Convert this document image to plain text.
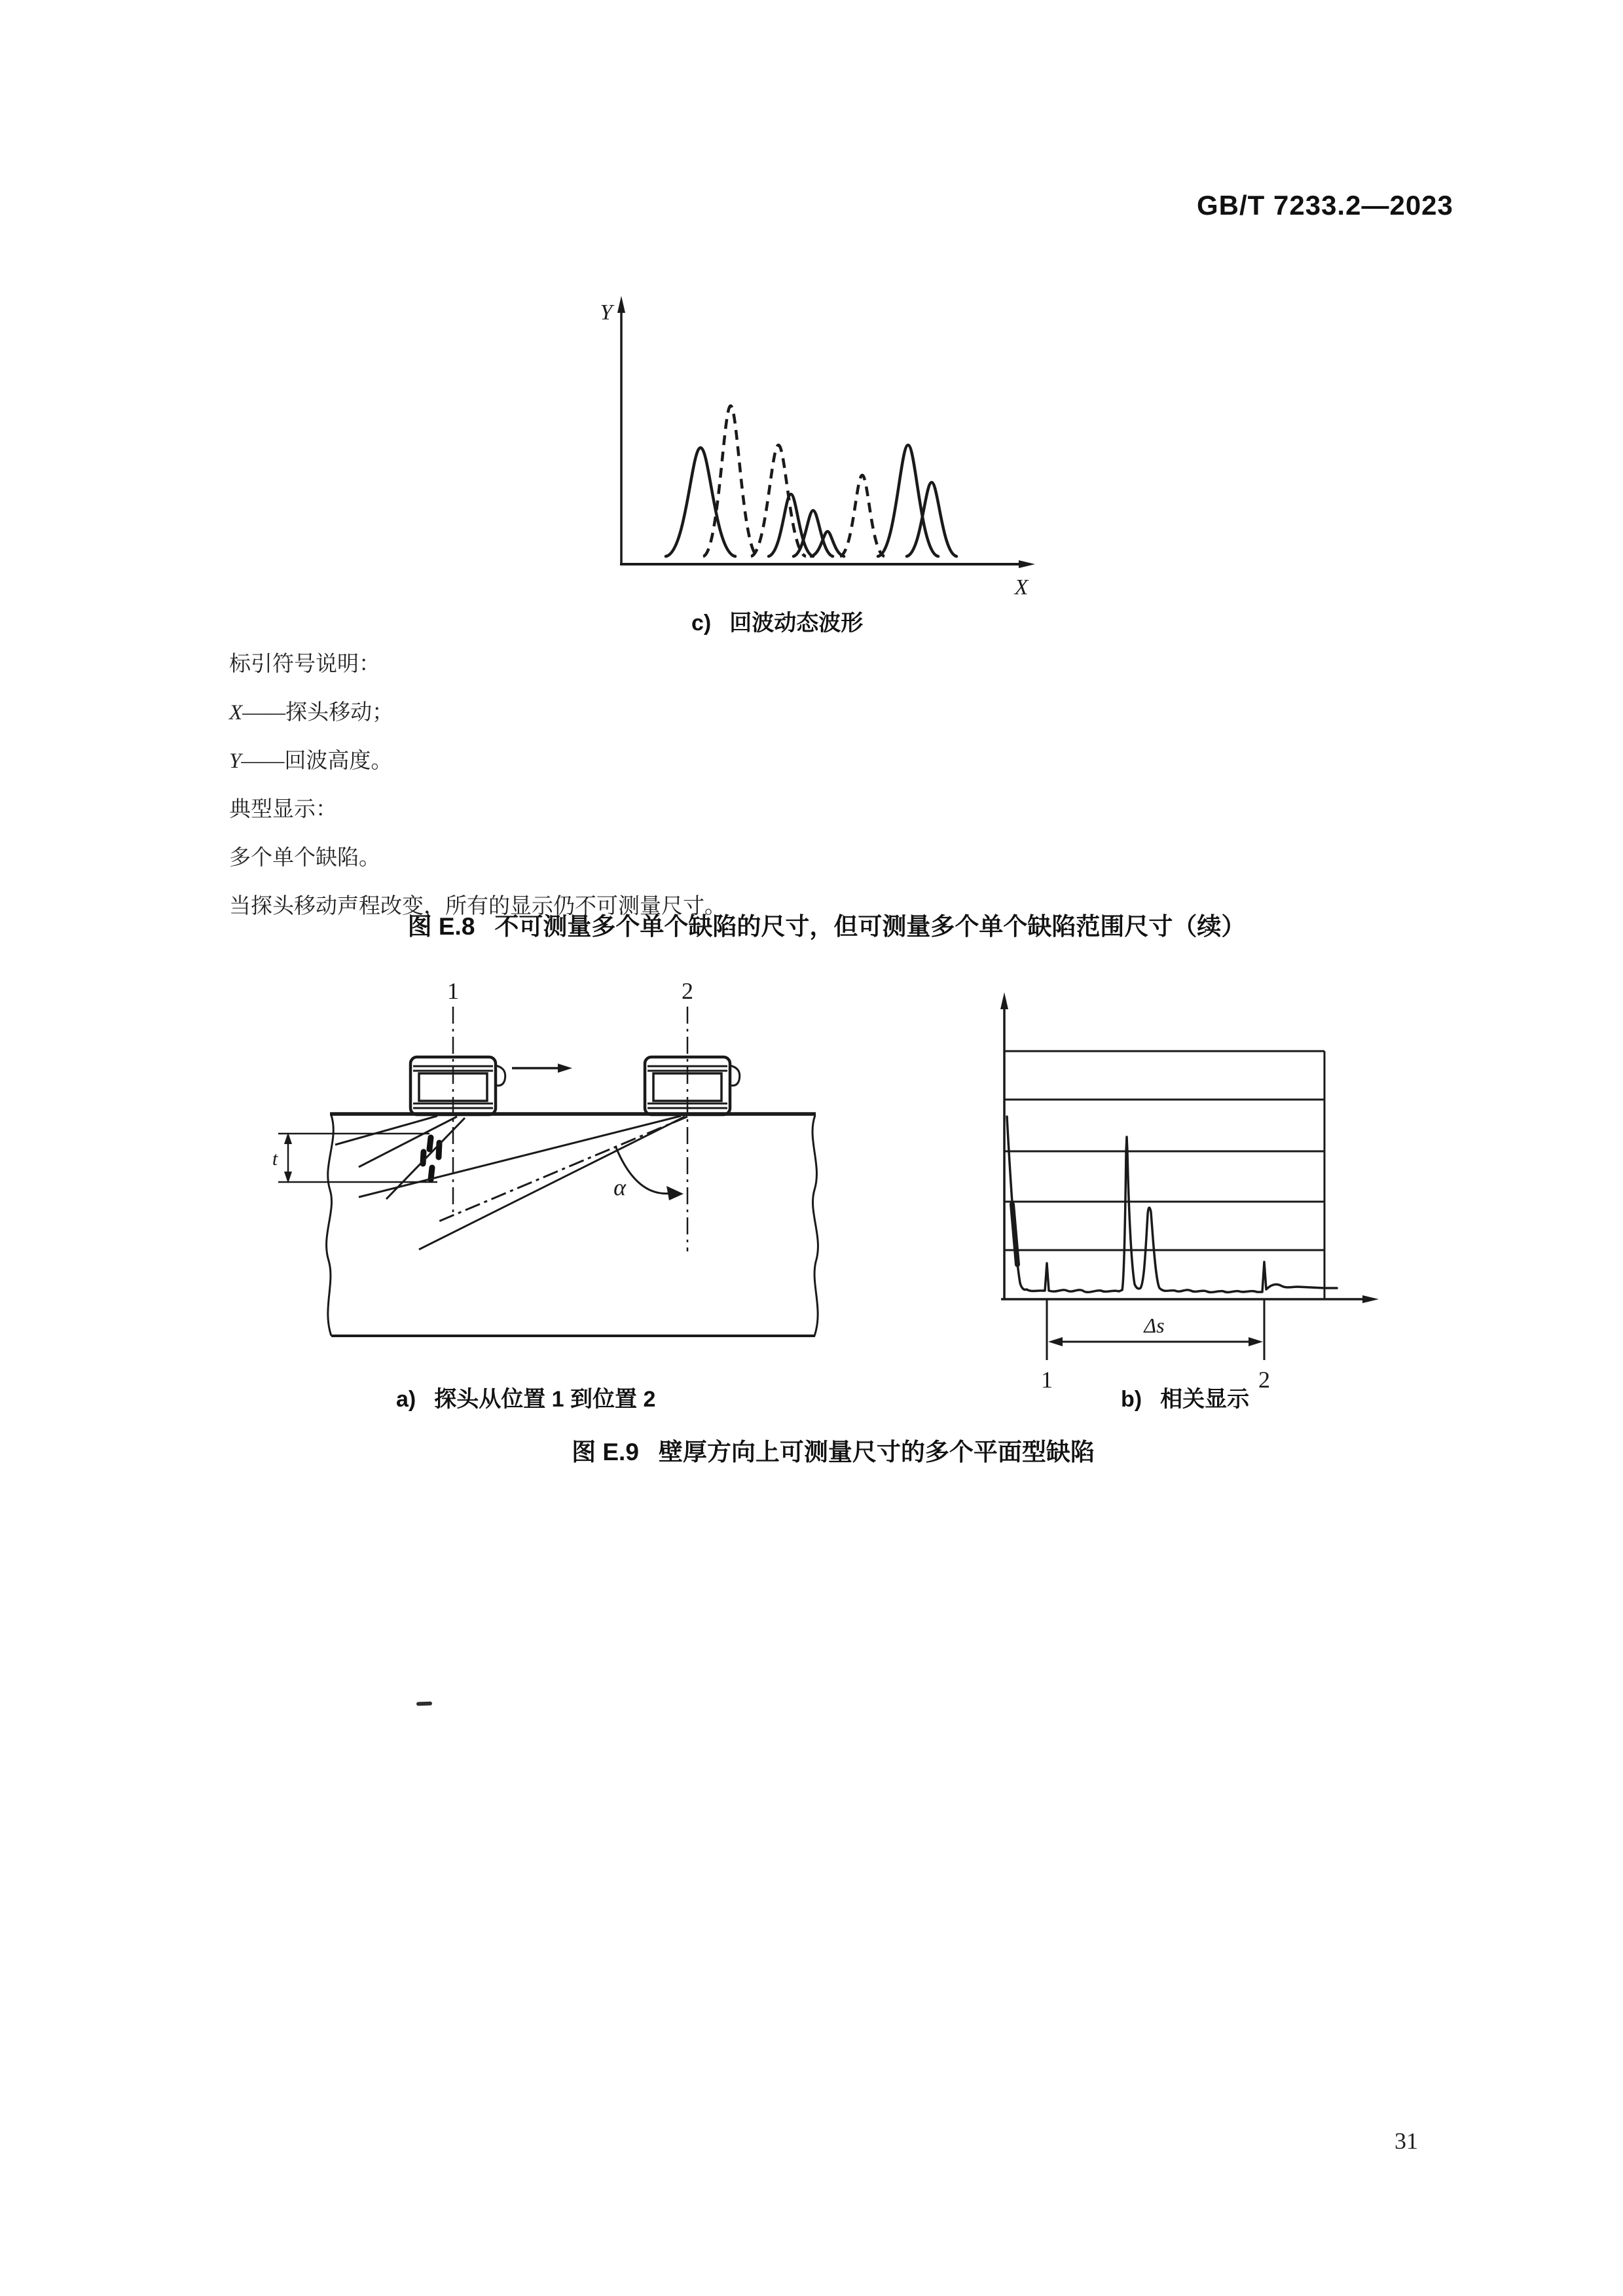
GB/T 7233.2—2023
Y
X
c) 回波动态波形
标引符号说明：
X——探头移动；
Y——回波高度。
典型显示：
多个单个缺陷。
当探头移动声程改变，所有的显示仍不可测量尺寸。
图 E.8 不可测量多个单个缺陷的尺寸，但可测量多个单个缺陷范围尺寸（续）
1	2
t
α
Δs
1	2
a) 探头从位置 1 到位置 2	b) 相关显示
图 E.9 壁厚方向上可测量尺寸的多个平面型缺陷
31
